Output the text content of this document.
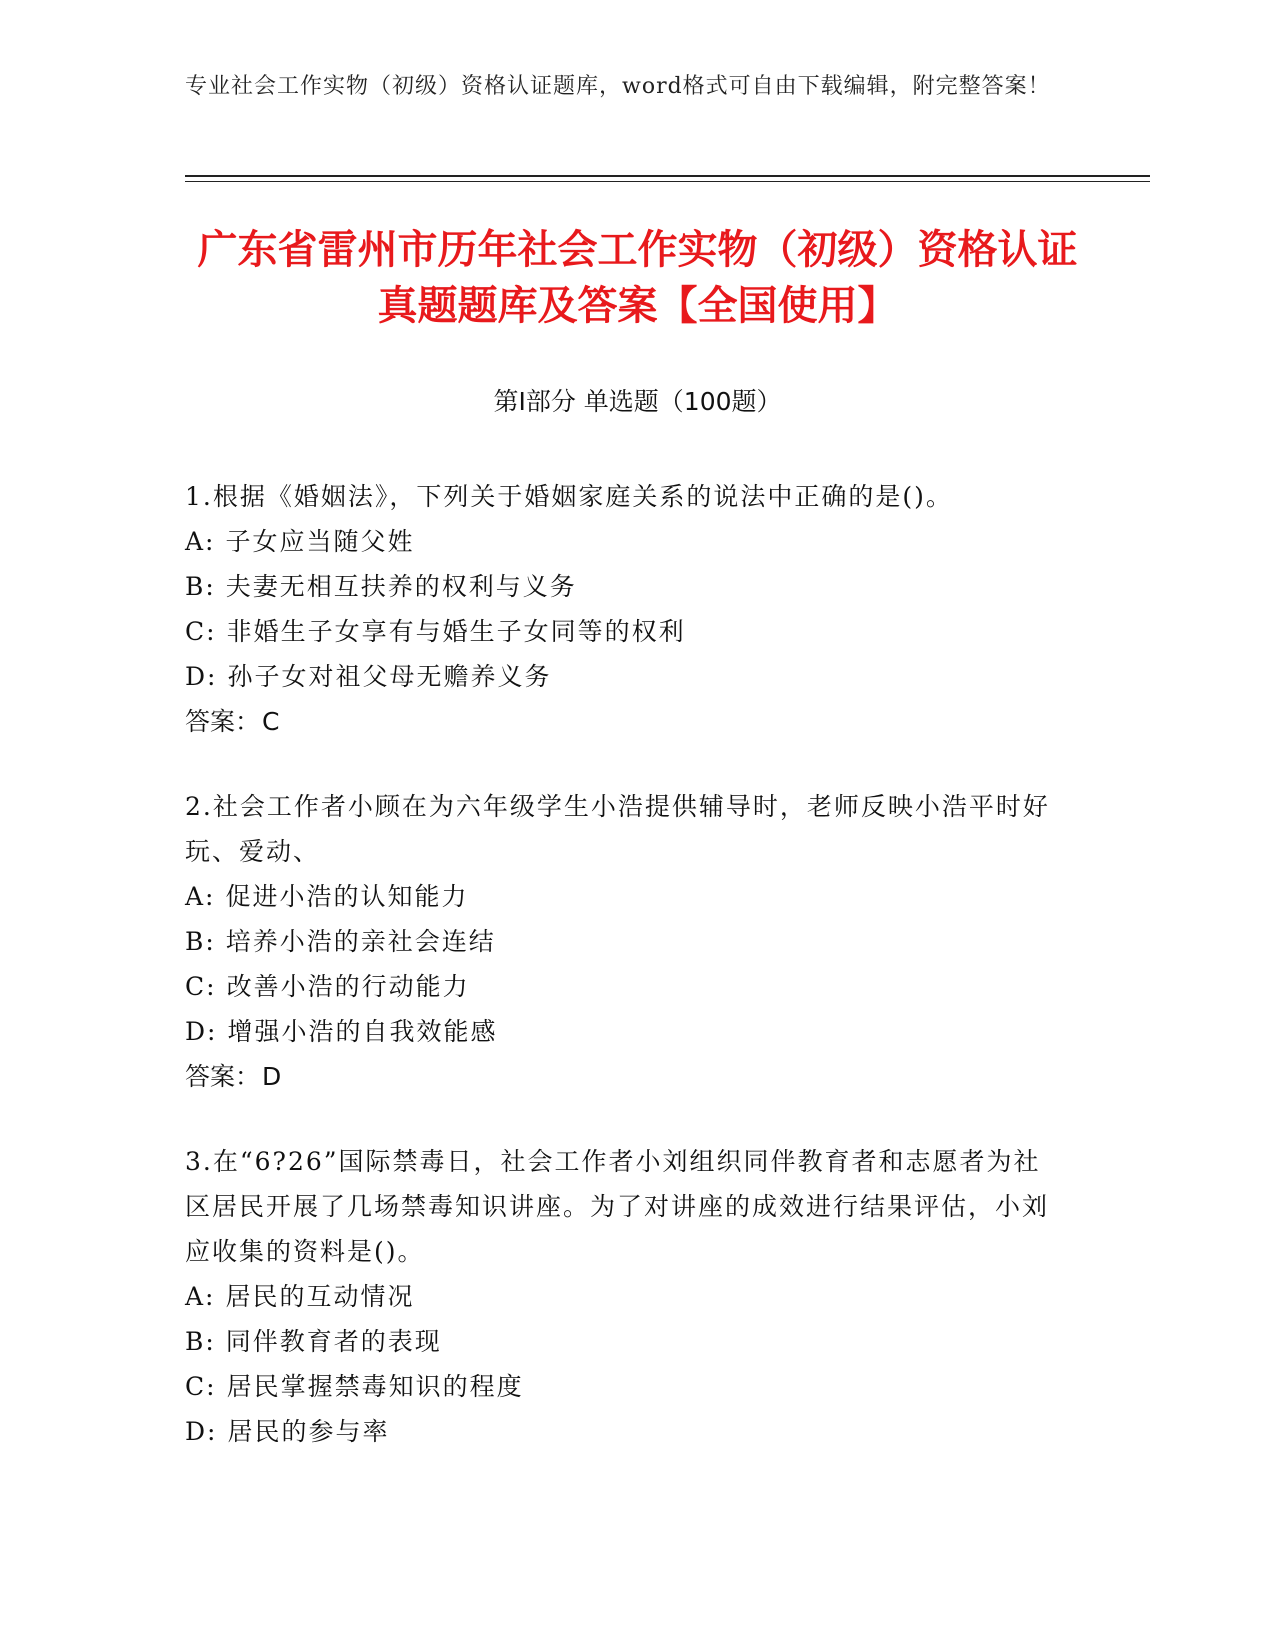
专业社会工作实物（初级）资格认证题库，word格式可自由下载编辑，附完整答案！
广东省雷州市历年社会工作实物（初级）资格认证真题题库及答案【全国使用】
第Ⅰ部分 单选题（100题）
1.根据《婚姻法》，下列关于婚姻家庭关系的说法中正确的是()。
A: 子女应当随父姓
B: 夫妻无相互扶养的权利与义务
C: 非婚生子女享有与婚生子女同等的权利
D: 孙子女对祖父母无赡养义务
答案：C
2.社会工作者小顾在为六年级学生小浩提供辅导时，老师反映小浩平时好玩、爱动、
A: 促进小浩的认知能力
B: 培养小浩的亲社会连结
C: 改善小浩的行动能力
D: 增强小浩的自我效能感
答案：D
3.在“6?26”国际禁毒日，社会工作者小刘组织同伴教育者和志愿者为社区居民开展了几场禁毒知识讲座。为了对讲座的成效进行结果评估，小刘应收集的资料是()。
A: 居民的互动情况
B: 同伴教育者的表现
C: 居民掌握禁毒知识的程度
D: 居民的参与率
